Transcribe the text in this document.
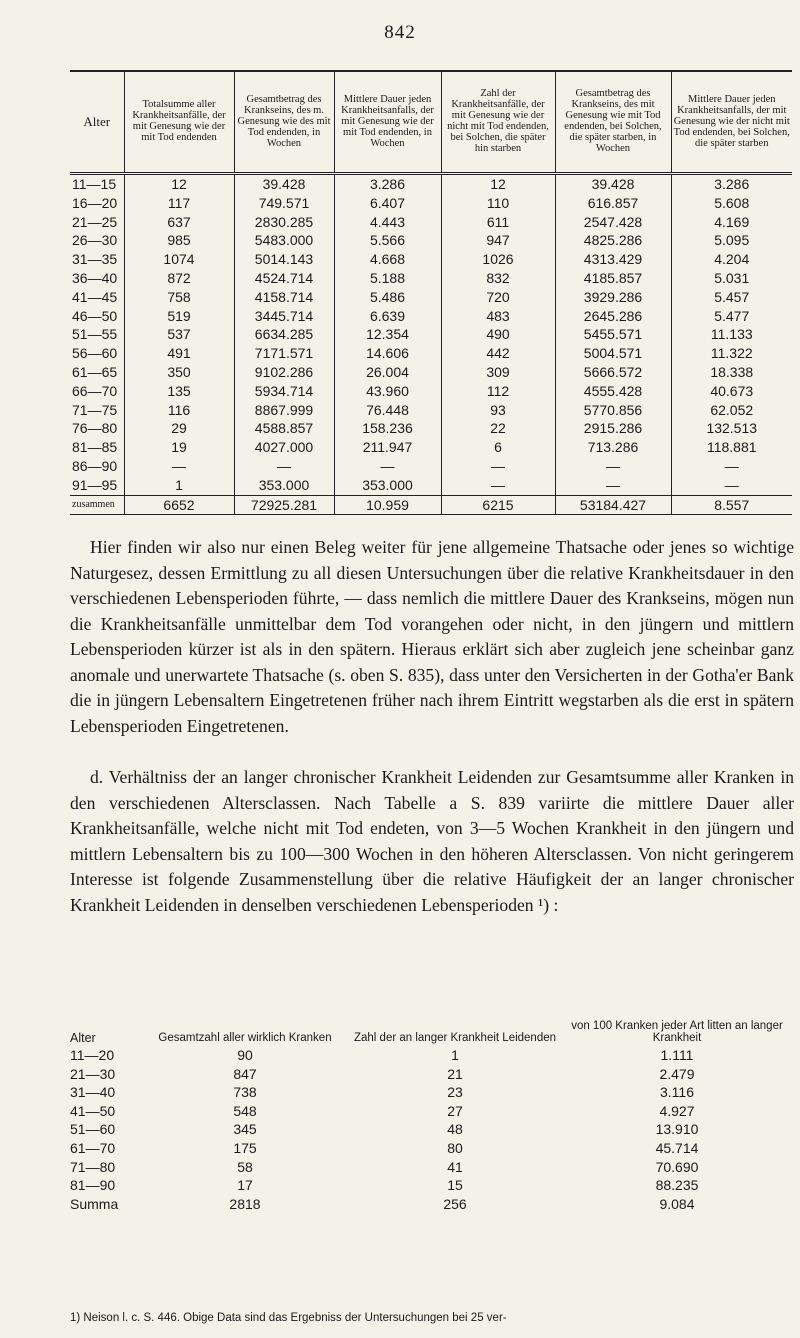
842
Alter	Totalsumme aller Krankheitsanfälle, der mit Genesung wie der mit Tod endenden	Gesamtbetrag des Krankseins, des m. Genesung wie des mit Tod endenden, in Wochen	Mittlere Dauer jeden Krankheitsanfalls, der mit Genesung wie der mit Tod endenden, in Wochen	Zahl der Krankheitsanfälle, der mit Genesung wie der nicht mit Tod endenden, bei Solchen, die später hin starben	Gesamtbetrag des Krankseins, des mit Genesung wie mit Tod endenden, bei Solchen, die später starben, in Wochen	Mittlere Dauer jeden Krankheitsanfalls, der mit Genesung wie der nicht mit Tod endenden, bei Solchen, die später starben
11—15	12	39.428	3.286	12	39.428	3.286
16—20	117	749.571	6.407	110	616.857	5.608
21—25	637	2830.285	4.443	611	2547.428	4.169
26—30	985	5483.000	5.566	947	4825.286	5.095
31—35	1074	5014.143	4.668	1026	4313.429	4.204
36—40	872	4524.714	5.188	832	4185.857	5.031
41—45	758	4158.714	5.486	720	3929.286	5.457
46—50	519	3445.714	6.639	483	2645.286	5.477
51—55	537	6634.285	12.354	490	5455.571	11.133
56—60	491	7171.571	14.606	442	5004.571	11.322
61—65	350	9102.286	26.004	309	5666.572	18.338
66—70	135	5934.714	43.960	112	4555.428	40.673
71—75	116	8867.999	76.448	93	5770.856	62.052
76—80	29	4588.857	158.236	22	2915.286	132.513
81—85	19	4027.000	211.947	6	713.286	118.881
86—90	—	—	—	—	—	—
91—95	1	353.000	353.000	—	—	—
zusammen	6652	72925.281	10.959	6215	53184.427	8.557

Hier finden wir also nur einen Beleg weiter für jene allgemeine Thatsache oder jenes so wichtige Naturgesez, dessen Ermittlung zu all diesen Untersuchungen über die relative Krankheitsdauer in den verschiedenen Lebensperioden führte, — dass nemlich die mittlere Dauer des Krankseins, mögen nun die Krankheitsanfälle unmittelbar dem Tod vorangehen oder nicht, in den jüngern und mittlern Lebensperioden kürzer ist als in den spätern. Hieraus erklärt sich aber zugleich jene scheinbar ganz anomale und unerwartete Thatsache (s. oben S. 835), dass unter den Versicherten in der Gotha'er Bank die in jüngern Lebensaltern Eingetretenen früher nach ihrem Eintritt wegstarben als die erst in spätern Lebensperioden Eingetretenen.

d. Verhältniss der an langer chronischer Krankheit Leidenden zur Gesamtsumme aller Kranken in den verschiedenen Altersclassen. Nach Tabelle a S. 839 variirte die mittlere Dauer aller Krankheitsanfälle, welche nicht mit Tod endeten, von 3—5 Wochen Krankheit in den jüngern und mittlern Lebensaltern bis zu 100—300 Wochen in den höheren Altersclassen. Von nicht geringerem Interesse ist folgende Zusammenstellung über die relative Häufigkeit der an langer chronischer Krankheit Leidenden in denselben verschiedenen Lebensperioden ¹) :

Alter	Gesamtzahl aller wirklich Kranken	Zahl der an langer Krankheit Leidenden	von 100 Kranken jeder Art litten an langer Krankheit
11—20	90	1	1.111
21—30	847	21	2.479
31—40	738	23	3.116
41—50	548	27	4.927
51—60	345	48	13.910
61—70	175	80	45.714
71—80	58	41	70.690
81—90	17	15	88.235
Summa	2818	256	9.084
1) Neison l. c. S. 446. Obige Data sind das Ergebniss der Untersuchungen bei 25 ver-
